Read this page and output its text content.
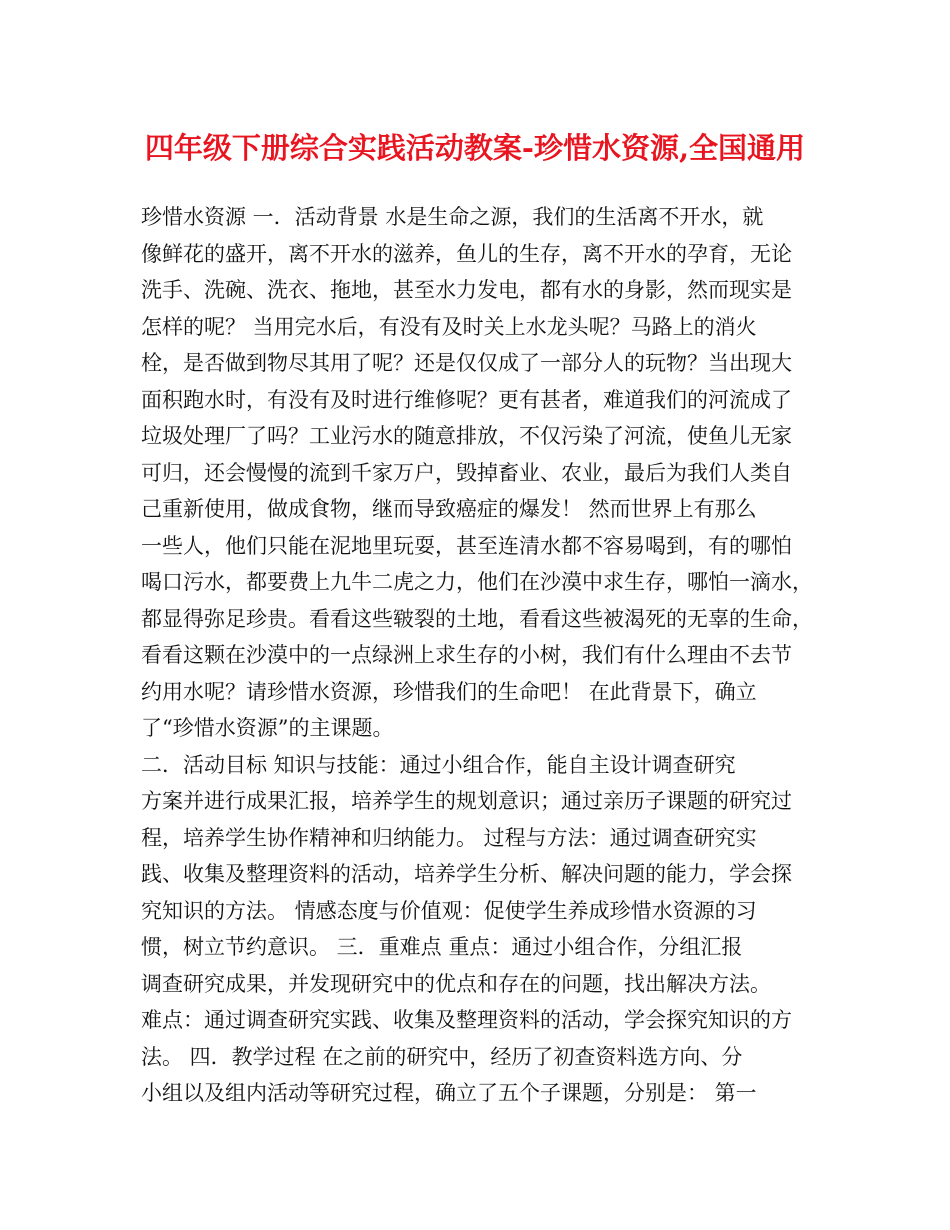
四年级下册综合实践活动教案-珍惜水资源,全国通用
珍惜水资源 一．活动背景 水是生命之源，我们的生活离不开水，就
像鲜花的盛开，离不开水的滋养，鱼儿的生存，离不开水的孕育，无论
洗手、洗碗、洗衣、拖地，甚至水力发电，都有水的身影，然而现实是
怎样的呢？ 当用完水后，有没有及时关上水龙头呢？马路上的消火
栓，是否做到物尽其用了呢？还是仅仅成了一部分人的玩物？当出现大
面积跑水时，有没有及时进行维修呢？更有甚者，难道我们的河流成了
垃圾处理厂了吗？工业污水的随意排放，不仅污染了河流，使鱼儿无家
可归，还会慢慢的流到千家万户，毁掉畜业、农业，最后为我们人类自
己重新使用，做成食物，继而导致癌症的爆发！ 然而世界上有那么
一些人，他们只能在泥地里玩耍，甚至连清水都不容易喝到，有的哪怕
喝口污水，都要费上九牛二虎之力，他们在沙漠中求生存，哪怕一滴水，
都显得弥足珍贵。看看这些皲裂的土地，看看这些被渴死的无辜的生命，
看看这颗在沙漠中的一点绿洲上求生存的小树，我们有什么理由不去节
约用水呢？请珍惜水资源，珍惜我们的生命吧！ 在此背景下，确立
了“珍惜水资源”的主课题。
二．活动目标 知识与技能：通过小组合作，能自主设计调查研究
方案并进行成果汇报，培养学生的规划意识；通过亲历子课题的研究过
程，培养学生协作精神和归纳能力。 过程与方法：通过调查研究实
践、收集及整理资料的活动，培养学生分析、解决问题的能力，学会探
究知识的方法。 情感态度与价值观：促使学生养成珍惜水资源的习
惯，树立节约意识。 三．重难点 重点：通过小组合作，分组汇报
调查研究成果，并发现研究中的优点和存在的问题，找出解决方法。
难点：通过调查研究实践、收集及整理资料的活动，学会探究知识的方
法。 四．教学过程 在之前的研究中，经历了初查资料选方向、分
小组以及组内活动等研究过程，确立了五个子课题，分别是： 第一
